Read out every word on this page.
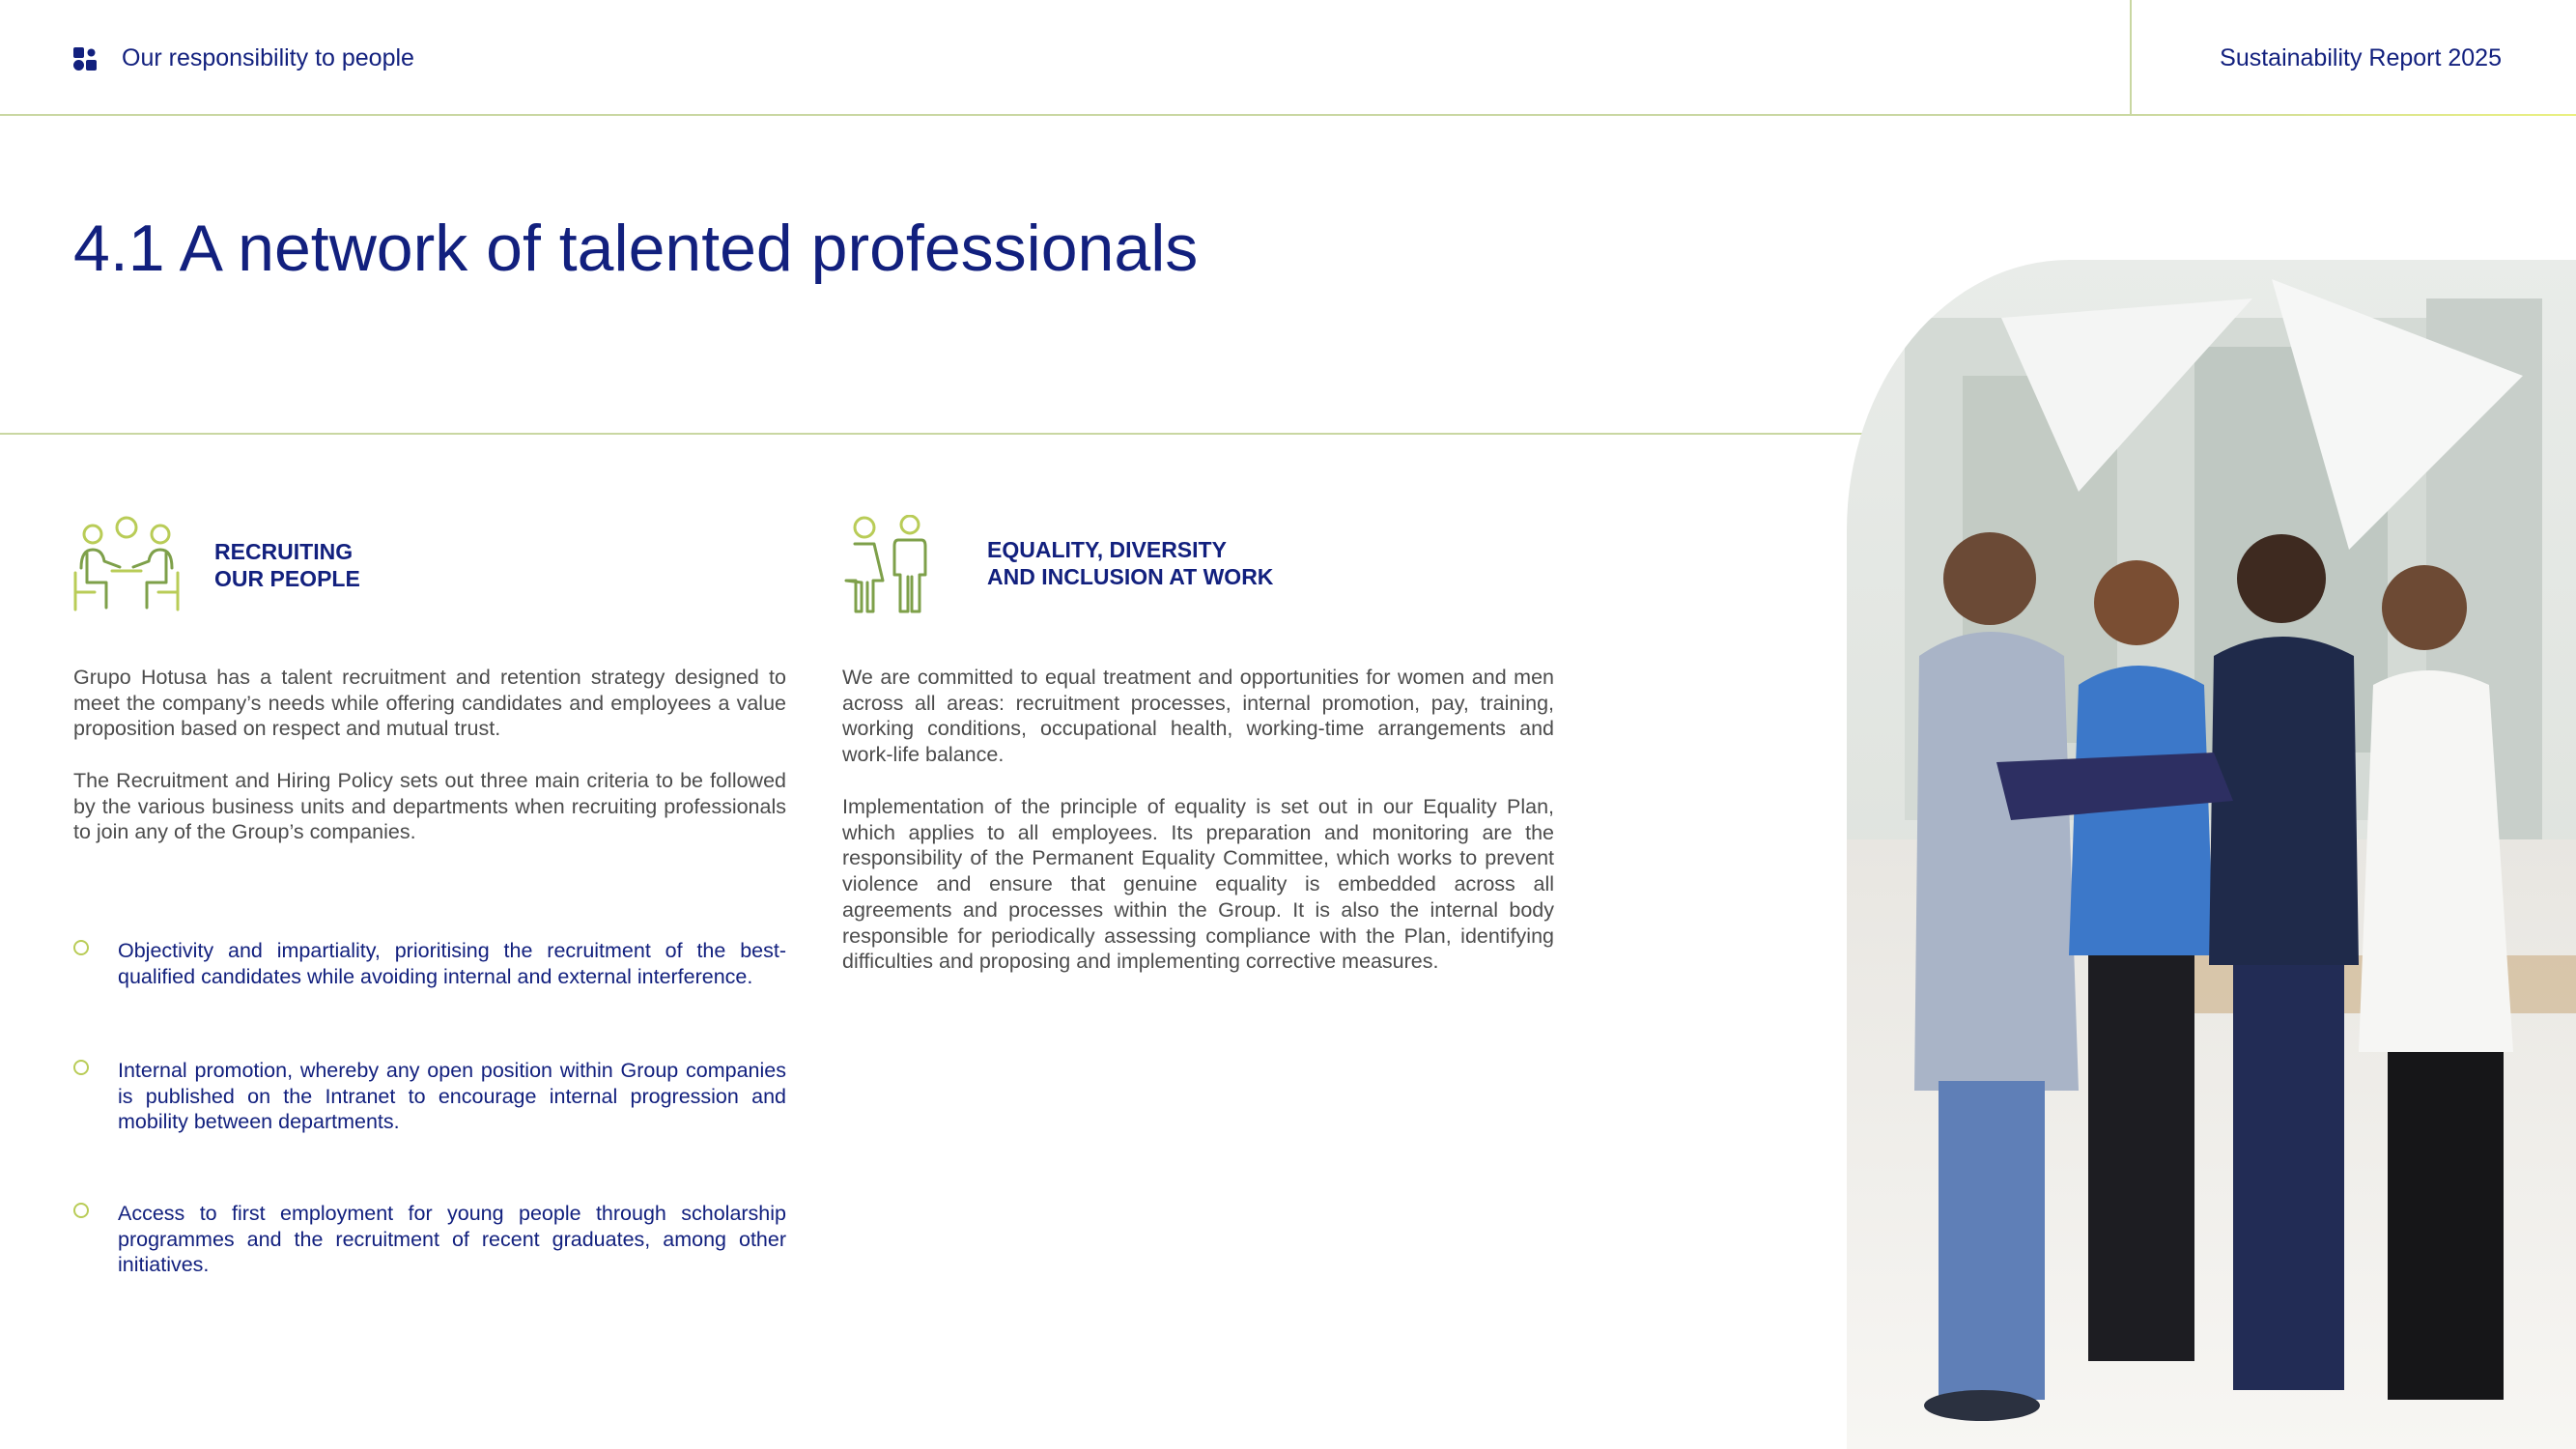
Our responsibility to people	Sustainability Report 2025
4.1 A network of talented professionals
RECRUITING
OUR PEOPLE

Grupo Hotusa has a talent recruitment and retention strategy designed to meet the company’s needs while offering candidates and employees a value proposition based on respect and mutual trust.

The Recruitment and Hiring Policy sets out three main criteria to be followed by the various business units and departments when recruiting professionals to join any of the Group’s companies.

Objectivity and impartiality, prioritising the recruitment of the best-qualified candidates while avoiding internal and external interference.

Internal promotion, whereby any open position within Group companies is published on the Intranet to encourage internal progression and mobility between departments.

Access to first employment for young people through scholarship programmes and the recruitment of recent graduates, among other initiatives.

EQUALITY, DIVERSITY
AND INCLUSION AT WORK

We are committed to equal treatment and opportunities for women and men across all areas: recruitment processes, internal promotion, pay, training, working conditions, occupational health, working-time arrangements and work-life balance.

Implementation of the principle of equality is set out in our Equality Plan, which applies to all employees. Its preparation and monitoring are the responsibility of the Permanent Equality Committee, which works to prevent violence and ensure that genuine equality is embedded across all agreements and processes within the Group. It is also the internal body responsible for periodically assessing compliance with the Plan, identifying difficulties and proposing and implementing corrective measures.
